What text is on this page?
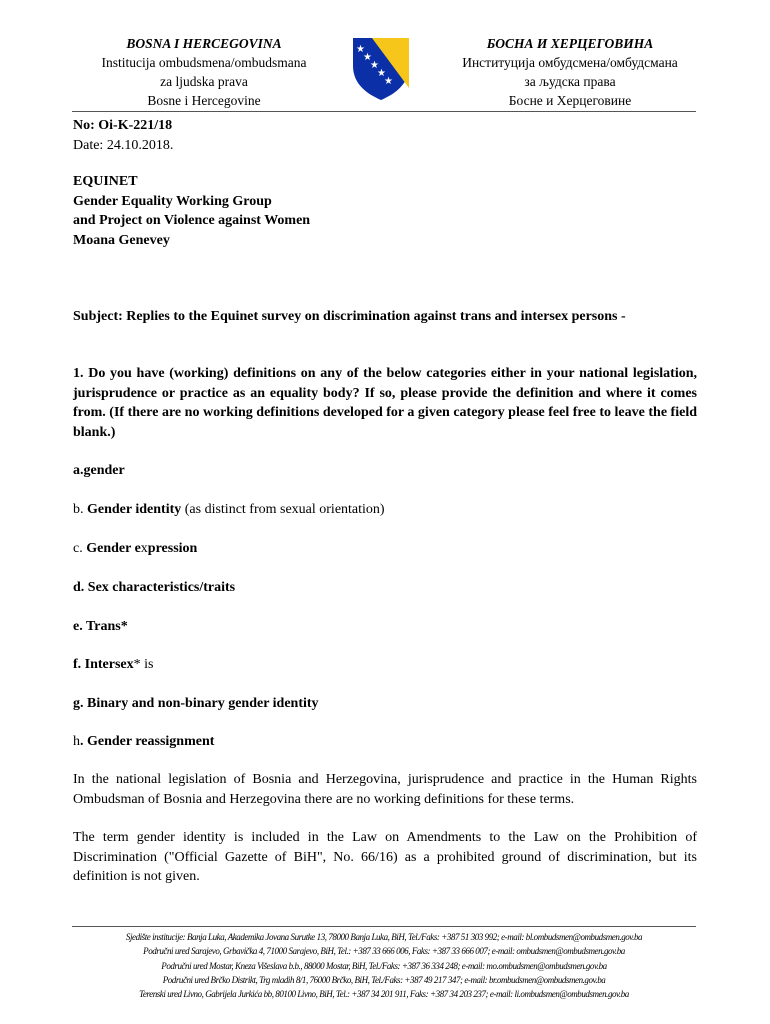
BOSNA I HERCEGOVINA
Institucija ombudsmena/ombudsmana
za ljudska prava
Bosne i Hercegovine
★
★
★
★
★
БОСНА И ХЕРЦЕГОВИНА
Институција омбудсмена/омбудсмана
за људска права
Босне и Херцеговине
No: Oi-K-221/18
Date: 24.10.2018.
EQUINET
Gender Equality Working Group
and Project on Violence against Women
Moana Genevey
Subject: Replies to the Equinet survey on discrimination against trans and intersex persons -
1. Do you have (working) definitions on any of the below categories either in your national legislation, jurisprudence or practice as an equality body? If so, please provide the definition and where it comes from. (If there are no working definitions developed for a given category please feel free to leave the field blank.)
a.gender
b. Gender identity (as distinct from sexual orientation)
c. Gender expression
d. Sex characteristics/traits
e. Trans*
f. Intersex* is
g. Binary and non-binary gender identity
h. Gender reassignment
In the national legislation of Bosnia and Herzegovina, jurisprudence and practice in the Human Rights Ombudsman of Bosnia and Herzegovina there are no working definitions for these terms.
The term gender identity is included in the Law on Amendments to the Law on the Prohibition of Discrimination ("Official Gazette of BiH", No. 66/16) as a prohibited ground of discrimination, but its definition is not given.
Sjedište institucije: Banja Luka, Akademika Jovana Surutke 13, 78000 Banja Luka, BiH, Tel./Faks: +387 51 303 992; e-mail: bl.ombudsmen@ombudsmen.gov.ba
Područni ured Sarajevo, Grbavička 4, 71000 Sarajevo, BiH, Tel.: +387 33 666 006, Faks: +387 33 666 007; e-mail: ombudsmen@ombudsmen.gov.ba
Područni ured Mostar, Kneza Višeslava b.b., 88000 Mostar, BiH, Tel./Faks: +387 36 334 248; e-mail: mo.ombudsmen@ombudsmen.gov.ba
Područni ured Brčko Distrikt, Trg mladih 8/1, 76000 Brčko, BiH, Tel./Faks: +387 49 217 347; e-mail: br.ombudsmen@ombudsmen.gov.ba
Terenski ured Livno, Gabrijela Jurkića bb, 80100 Livno, BiH, Tel.: +387 34 201 911, Faks: +387 34 203 237; e-mail: li.ombudsmen@ombudsmen.gov.ba
